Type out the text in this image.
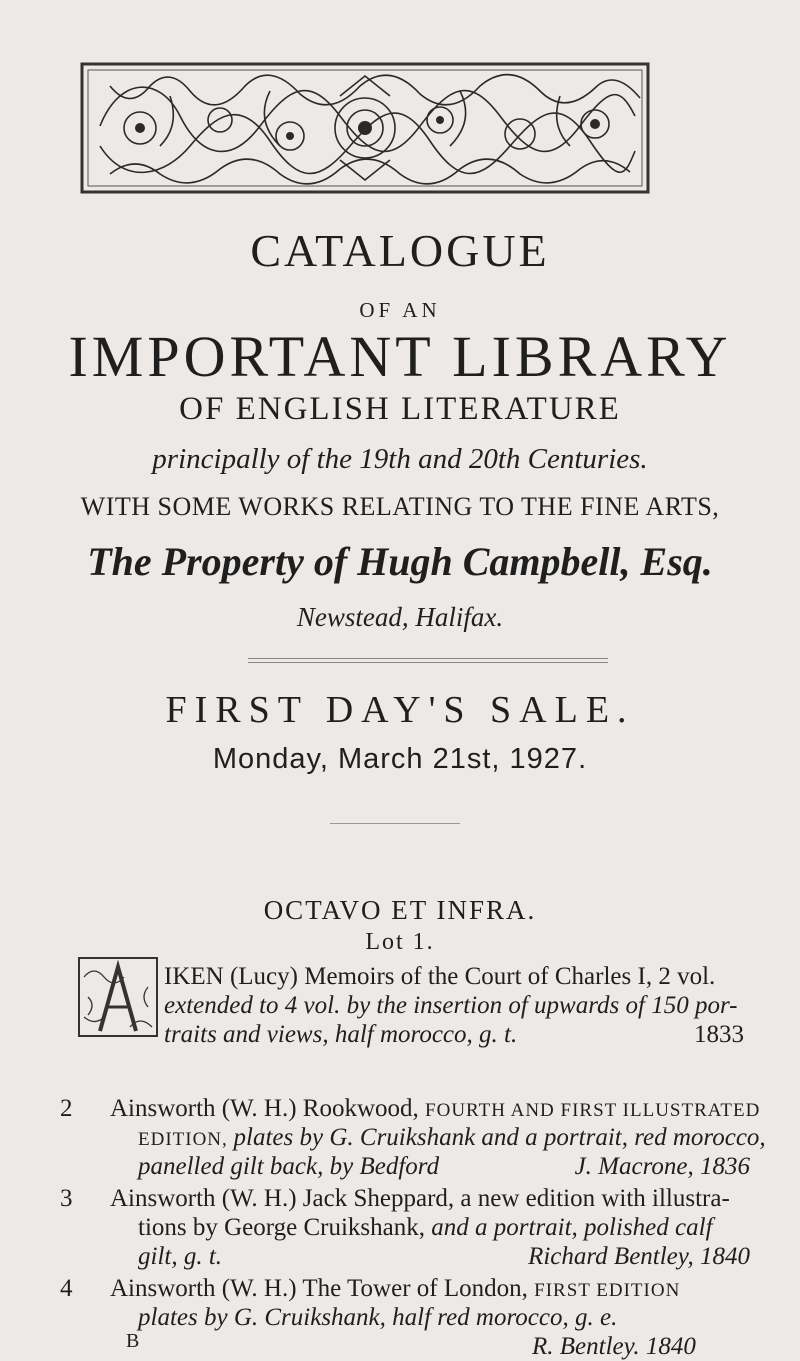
CATALOGUE
OF AN
IMPORTANT LIBRARY
OF ENGLISH LITERATURE
principally of the 19th and 20th Centuries.
WITH SOME WORKS RELATING TO THE FINE ARTS,
The Property of Hugh Campbell, Esq.
Newstead, Halifax.
FIRST DAY'S SALE.
Monday, March 21st, 1927.
OCTAVO ET INFRA.
Lot 1.
IKEN (Lucy) Memoirs of the Court of Charles I, 2 vol.
extended to 4 vol. by the insertion of upwards of 150 por-
traits and views, half morocco, g. t.	1833
2 Ainsworth (W. H.) Rookwood, FOURTH AND FIRST ILLUSTRATED
EDITION, plates by G. Cruikshank and a portrait, red morocco,
panelled gilt back, by Bedford	J. Macrone, 1836
3 Ainsworth (W. H.) Jack Sheppard, a new edition with illustra-
tions by George Cruikshank, and a portrait, polished calf
gilt, g. t.	Richard Bentley, 1840
4 Ainsworth (W. H.) The Tower of London, FIRST EDITION
plates by G. Cruikshank, half red morocco, g. e.
R. Bentley. 1840
B
